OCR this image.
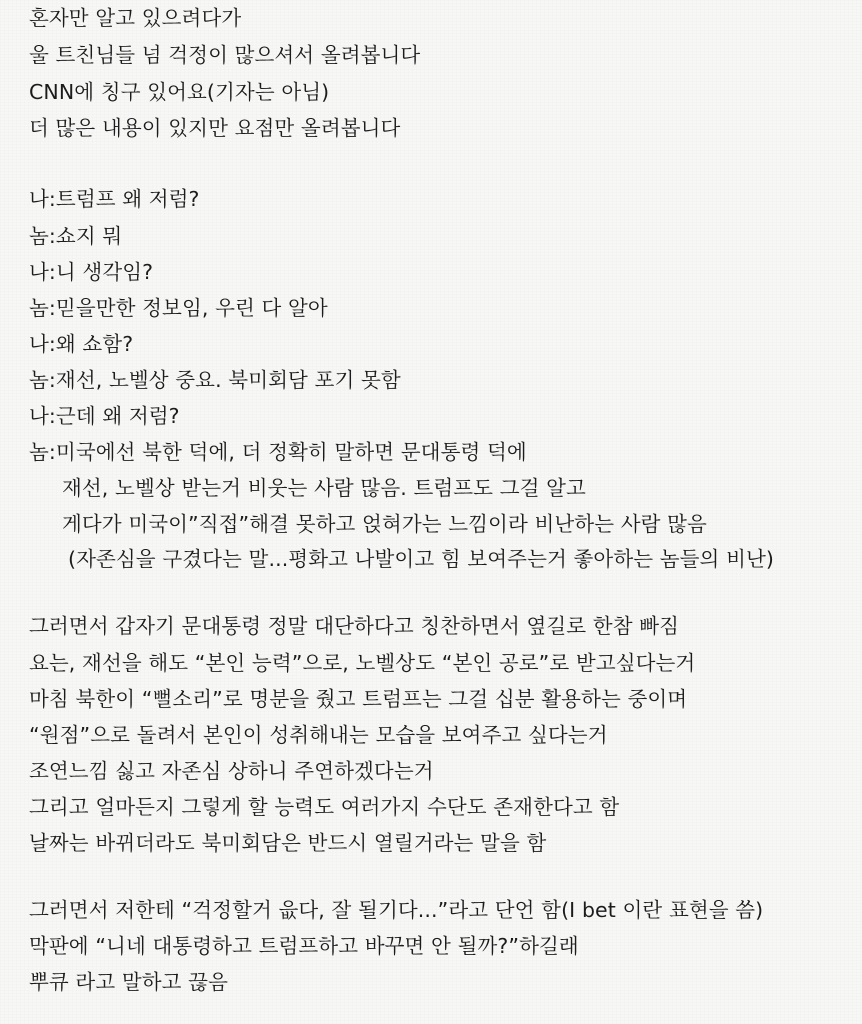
혼자만 알고 있으려다가
울 트친님들 넘 걱정이 많으셔서 올려봅니다
CNN에 칭구 있어요(기자는 아님)
더 많은 내용이 있지만 요점만 올려봅니다
나:트럼프 왜 저럼?
놈:쇼지 뭐
나:니 생각임?
놈:믿을만한 정보임, 우린 다 알아
나:왜 쇼함?
놈:재선, 노벨상 중요. 북미회담 포기 못함
나:근데 왜 저럼?
놈:미국에선 북한 덕에, 더 정확히 말하면 문대통령 덕에
재선, 노벨상 받는거 비웃는 사람 많음. 트럼프도 그걸 알고
게다가 미국이”직접”해결 못하고 얹혀가는 느낌이라 비난하는 사람 많음
(자존심을 구겼다는 말...평화고 나발이고 힘 보여주는거 좋아하는 놈들의 비난)
그러면서 갑자기 문대통령 정말 대단하다고 칭찬하면서 옆길로 한참 빠짐
요는, 재선을 해도 “본인 능력”으로, 노벨상도 “본인 공로”로 받고싶다는거
마침 북한이 “뻘소리”로 명분을 줬고 트럼프는 그걸 십분 활용하는 중이며
“원점”으로 돌려서 본인이 성취해내는 모습을 보여주고 싶다는거
조연느낌 싫고 자존심 상하니 주연하겠다는거
그리고 얼마든지 그렇게 할 능력도 여러가지 수단도 존재한다고 함
날짜는 바뀌더라도 북미회담은 반드시 열릴거라는 말을 함
그러면서 저한테 “걱정할거 읎다, 잘 될기다...”라고 단언 함(I bet 이란 표현을 씀)
막판에 “니네 대통령하고 트럼프하고 바꾸면 안 될까?”하길래
뿌큐 라고 말하고 끊음
